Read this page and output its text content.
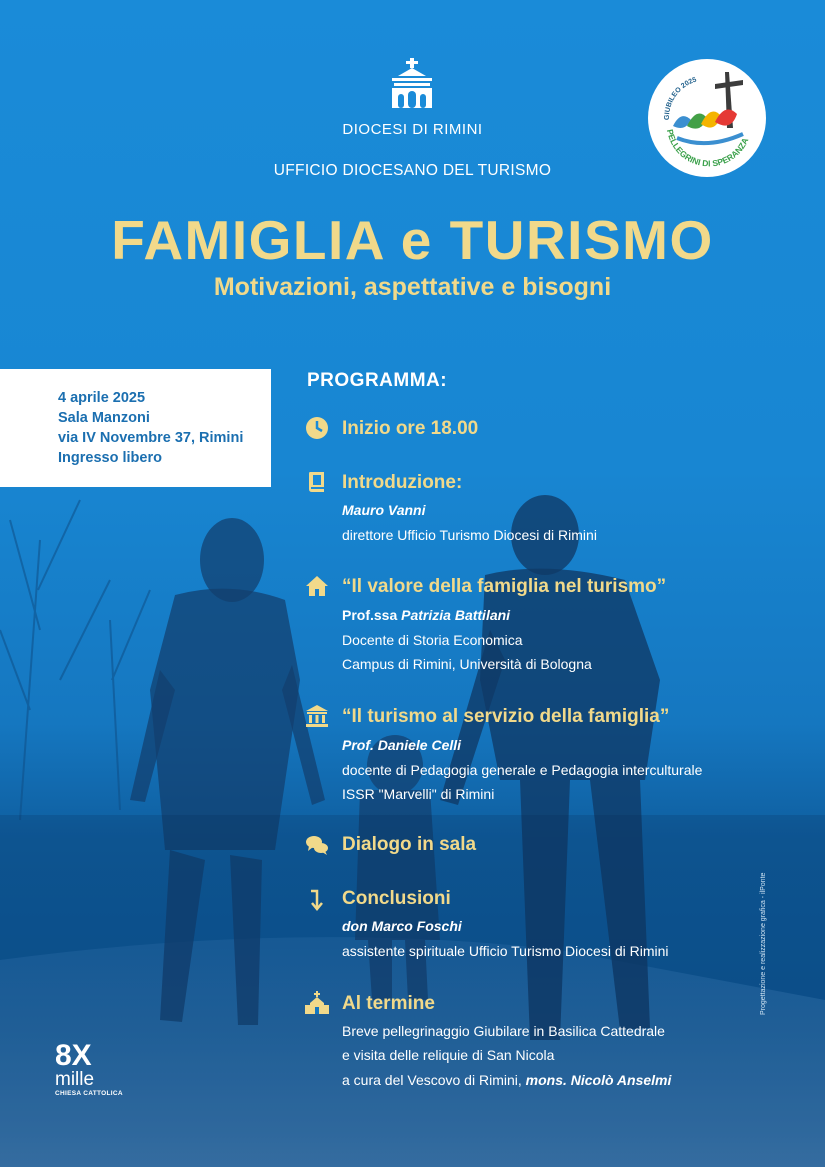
DIOCESI DI RIMINI
UFFICIO DIOCESANO DEL TURISMO
FAMIGLIA e TURISMO
Motivazioni, aspettative e bisogni
GIUBILEO 2025
PELLEGRINI DI SPERANZA
4 aprile 2025
Sala Manzoni
via IV Novembre 37, Rimini
Ingresso libero
PROGRAMMA:
Inizio ore 18.00
Introduzione:
Mauro Vanni
direttore Ufficio Turismo Diocesi di Rimini
“Il valore della famiglia nel turismo”
Prof.ssa Patrizia Battilani
Docente di Storia Economica
Campus di Rimini, Università di Bologna
“Il turismo al servizio della famiglia”
Prof. Daniele Celli
docente di Pedagogia generale e Pedagogia interculturale
ISSR "Marvelli" di Rimini
Dialogo in sala
Conclusioni
don Marco Foschi
assistente spirituale Ufficio Turismo Diocesi di Rimini
Al termine
Breve pellegrinaggio Giubilare in Basilica Cattedrale
e visita delle reliquie di San Nicola
a cura del Vescovo di Rimini, mons. Nicolò Anselmi
Progettazione e realizzazione grafica - ilPonte
8X
mille
CHIESA CATTOLICA
